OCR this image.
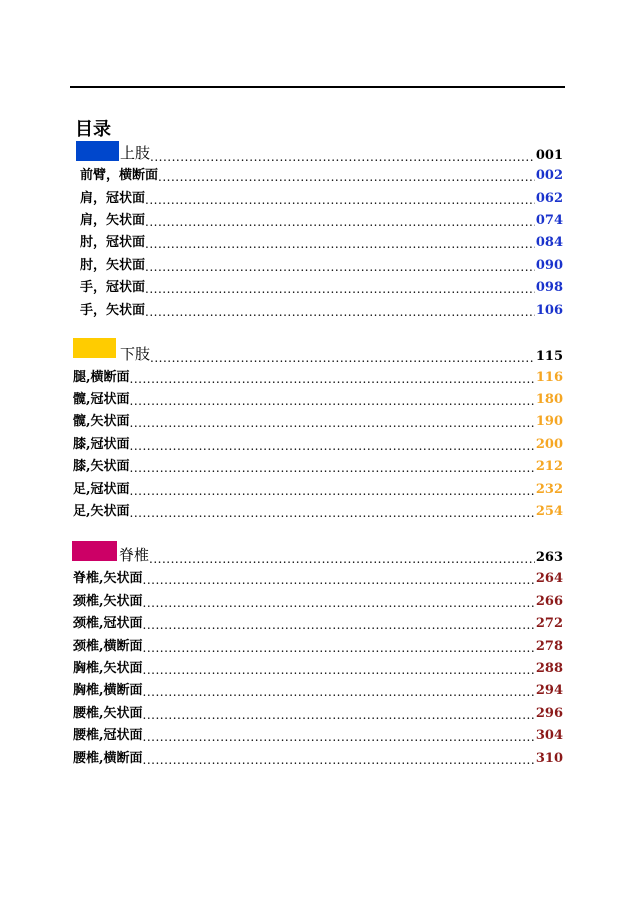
目录
上肢 .....	001
前臂，横断面 .....	002
肩，冠状面 .....	062
肩，矢状面 .....	074
肘，冠状面 .....	084
肘，矢状面 .....	090
手，冠状面 .....	098
手，矢状面 .....	106
下肢 .....	115
腿,横断面 .....	116
髋,冠状面 .....	180
髋,矢状面 .....	190
膝,冠状面 .....	200
膝,矢状面 .....	212
足,冠状面 .....	232
足,矢状面 .....	254
脊椎 .....	263
脊椎,矢状面 .....	264
颈椎,矢状面 .....	266
颈椎,冠状面 .....	272
颈椎,横断面 .....	278
胸椎,矢状面 .....	288
胸椎,横断面 .....	294
腰椎,矢状面 .....	296
腰椎,冠状面 .....	304
腰椎,横断面 .....	310
